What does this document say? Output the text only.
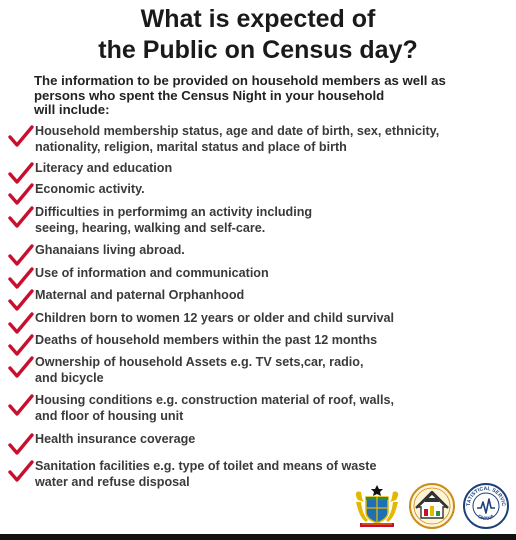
What is expected of
the Public on Census day?
The information to be provided on household members as well as
persons who spent the Census Night in your household
will include:
Household membership status, age and date of birth, sex, ethnicity,
nationality, religion, marital status and place of birth
Literacy and education
Economic activity.
Difficulties in performimg an activity including
seeing, hearing, walking and self-care.
Ghanaians living abroad.
Use of information and communication
Maternal and paternal Orphanhood
Children born to women 12 years or older and child survival
Deaths of household members within the past 12 months
Ownership of household Assets e.g. TV sets,car, radio,
and bicycle
Housing conditions e.g. construction material of roof, walls,
and floor of housing unit
Health insurance coverage
Sanitation facilities e.g. type of toilet and means of waste
water and refuse disposal
TATISTICAL SERVIC
GHANA
